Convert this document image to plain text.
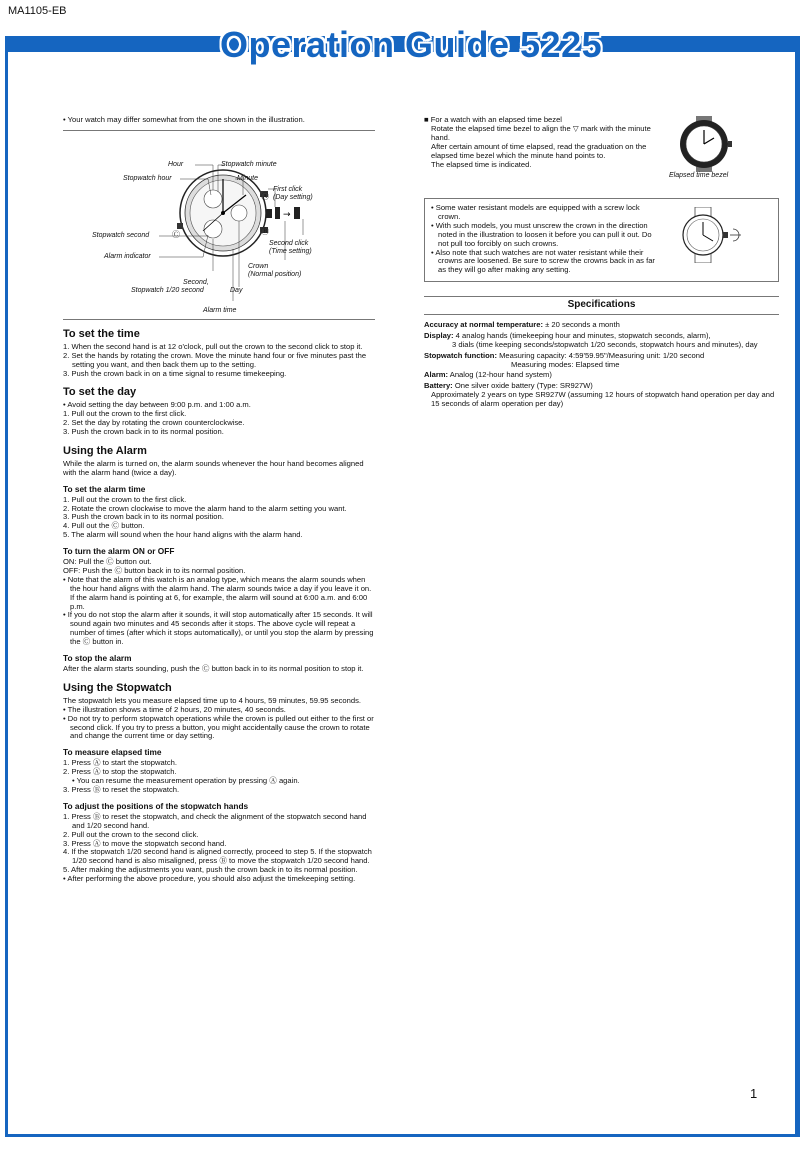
MA1105-EB
Operation Guide 5225	CASIO

• Your watch may differ somewhat from the one shown in the illustration.

→
Hour	Stopwatch minute
Stopwatch hour	Minute
First click
(Day setting)
Ⓐ
Ⓑ
Ⓒ
Second click
(Time setting)
Stopwatch second
Alarm indicator
Crown
(Normal position)
Second,
Stopwatch 1/20 second	Day
Alarm time
To set the time

1. When the second hand is at 12 o'clock, pull out the crown to the second click to stop it.

2. Set the hands by rotating the crown. Move the minute hand four or five minutes past the setting you want, and then back them up to the setting.

3. Push the crown back in on a time signal to resume timekeeping.

To set the day

• Avoid setting the day between 9:00 p.m. and 1:00 a.m.

1. Pull out the crown to the first click.

2. Set the day by rotating the crown counterclockwise.

3. Push the crown back in to its normal position.

Using the Alarm

While the alarm is turned on, the alarm sounds whenever the hour hand becomes aligned with the alarm hand (twice a day).

To set the alarm time

1. Pull out the crown to the first click.

2. Rotate the crown clockwise to move the alarm hand to the alarm setting you want.

3. Push the crown back in to its normal position.

4. Pull out the Ⓒ button.

5. The alarm will sound when the hour hand aligns with the alarm hand.

To turn the alarm ON or OFF

ON: Pull the Ⓒ button out.

OFF: Push the Ⓒ button back in to its normal position.

• Note that the alarm of this watch is an analog type, which means the alarm sounds when the hour hand aligns with the alarm hand. The alarm sounds twice a day if you leave it on. If the alarm hand is pointing at 6, for example, the alarm will sound at 6:00 a.m. and 6:00 p.m.

• If you do not stop the alarm after it sounds, it will stop automatically after 15 seconds. It will sound again two minutes and 45 seconds after it stops. The above cycle will repeat a number of times (after which it stops automatically), or until you stop the alarm by pressing the Ⓒ button in.

To stop the alarm

After the alarm starts sounding, push the Ⓒ button back in to its normal position to stop it.

Using the Stopwatch

The stopwatch lets you measure elapsed time up to 4 hours, 59 minutes, 59.95 seconds.

• The illustration shows a time of 2 hours, 20 minutes, 40 seconds.

• Do not try to perform stopwatch operations while the crown is pulled out either to the first or second click. If you try to press a button, you might accidentally cause the crown to rotate and change the current time or day setting.

To measure elapsed time

1. Press Ⓐ to start the stopwatch.

2. Press Ⓐ to stop the stopwatch.

• You can resume the measurement operation by pressing Ⓐ again.

3. Press Ⓑ to reset the stopwatch.

To adjust the positions of the stopwatch hands

1. Press Ⓑ to reset the stopwatch, and check the alignment of the stopwatch second hand and 1/20 second hand.

2. Pull out the crown to the second click.

3. Press Ⓐ to move the stopwatch second hand.

4. If the stopwatch 1/20 second hand is aligned correctly, proceed to step 5. If the stopwatch 1/20 second hand is also misaligned, press Ⓑ to move the stopwatch 1/20 second hand.

5. After making the adjustments you want, push the crown back in to its normal position.

• After performing the above procedure, you should also adjust the timekeeping setting.

■ For a watch with an elapsed time bezel

Rotate the elapsed time bezel to align the ▽ mark with the minute hand.

After certain amount of time elapsed, read the graduation on the elapsed time bezel which the minute hand points to.

The elapsed time is indicated.

Elapsed time bezel

• Some water resistant models are equipped with a screw lock crown.

• With such models, you must unscrew the crown in the direction noted in the illustration to loosen it before you can pull it out. Do not pull too forcibly on such crowns.

• Also note that such watches are not water resistant while their crowns are loosened. Be sure to screw the crowns back in as far as they will go after making any setting.

Specifications

Accuracy at normal temperature: ± 20 seconds a month

Display: 4 analog hands (timekeeping hour and minutes, stopwatch seconds, alarm),

3 dials (time keeping seconds/stopwatch 1/20 seconds, stopwatch hours and minutes), day

Stopwatch function: Measuring capacity: 4:59'59.95"/Measuring unit: 1/20 second

Measuring modes: Elapsed time

Alarm: Analog (12-hour hand system)

Battery: One silver oxide battery (Type: SR927W)

Approximately 2 years on type SR927W (assuming 12 hours of stopwatch hand operation per day and 15 seconds of alarm operation per day)

1
